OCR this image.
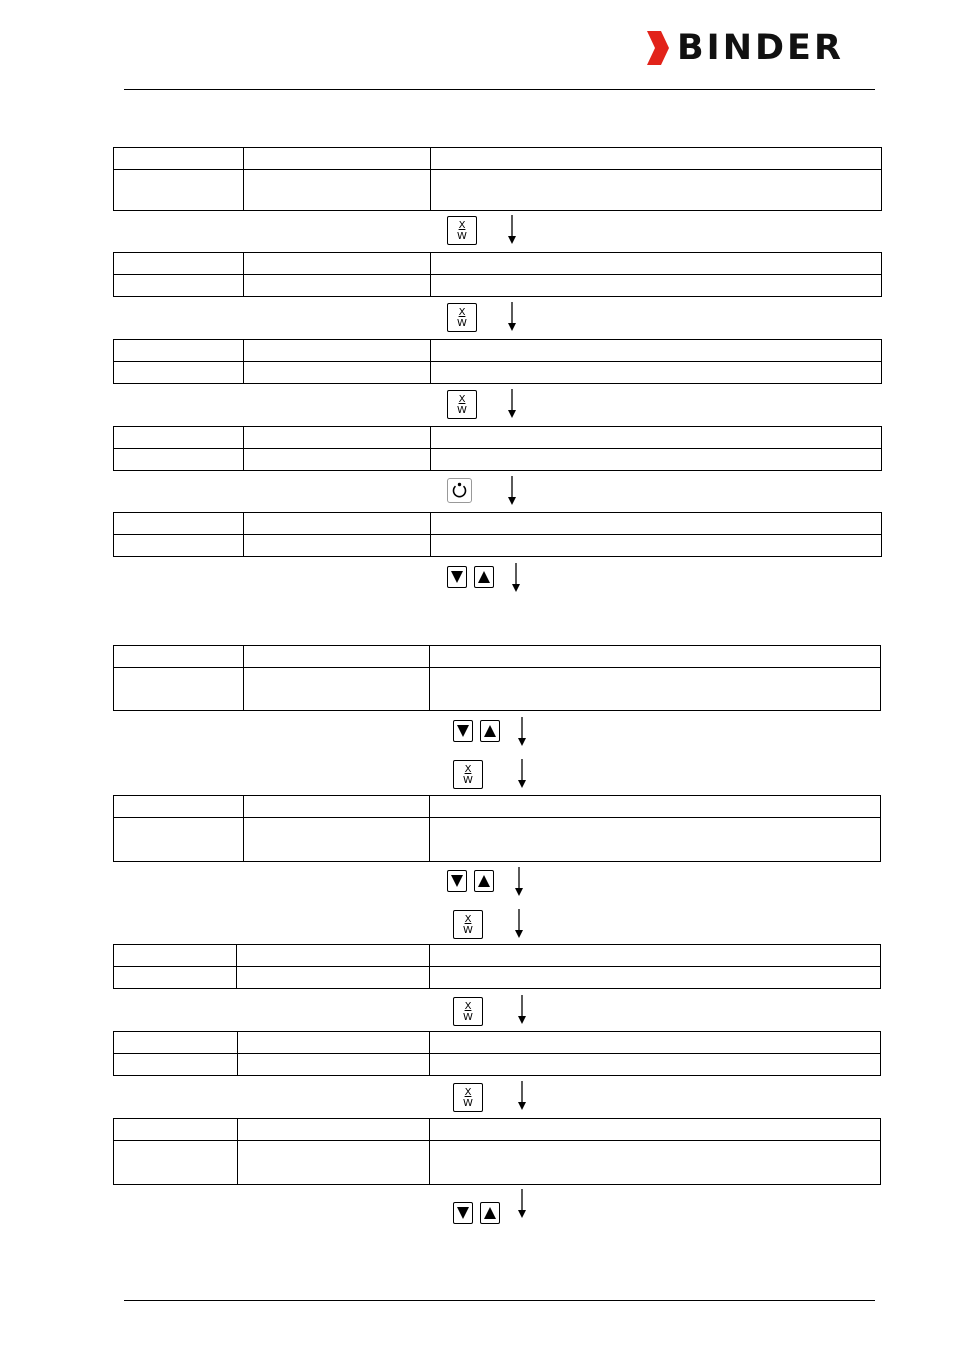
BINDER

X
W

X
W

X
W

X
W

X
W

X
W

X
W
